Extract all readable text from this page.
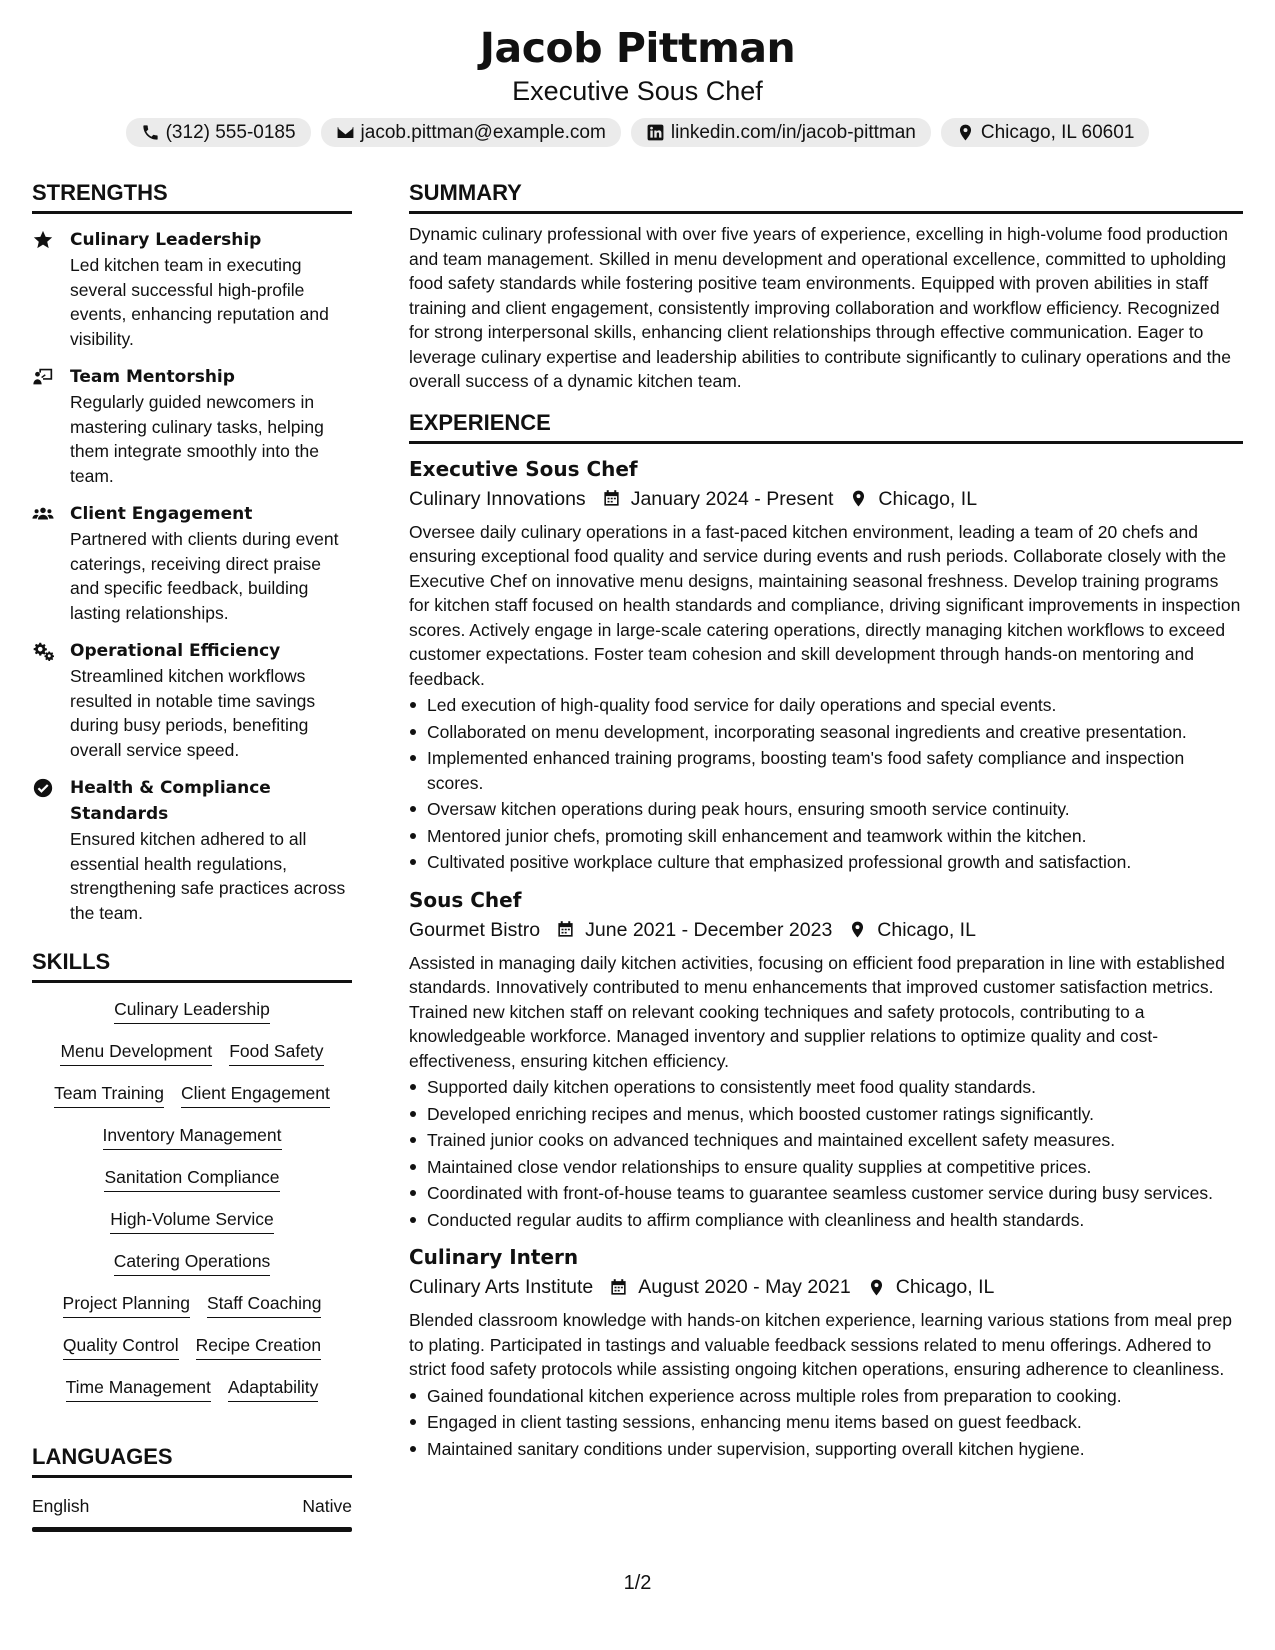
Jacob Pittman
Executive Sous Chef
(312) 555-0185	jacob.pittman@example.com	linkedin.com/in/jacob-pittman	Chicago, IL 60601
STRENGTHS
Culinary Leadership
Led kitchen team in executing several successful high-profile events, enhancing reputation and visibility.
Team Mentorship
Regularly guided newcomers in mastering culinary tasks, helping them integrate smoothly into the team.
Client Engagement
Partnered with clients during event caterings, receiving direct praise and specific feedback, building lasting relationships.
Operational Efficiency
Streamlined kitchen workflows resulted in notable time savings during busy periods, benefiting overall service speed.
Health & Compliance Standards
Ensured kitchen adhered to all essential health regulations, strengthening safe practices across the team.
SKILLS
Culinary Leadership
Menu Development Food Safety
Team Training Client Engagement
Inventory Management
Sanitation Compliance
High-Volume Service
Catering Operations
Project Planning Staff Coaching
Quality Control Recipe Creation
Time Management Adaptability
LANGUAGES
English	Native
SUMMARY
Dynamic culinary professional with over five years of experience, excelling in high-volume food production and team management. Skilled in menu development and operational excellence, committed to upholding food safety standards while fostering positive team environments. Equipped with proven abilities in staff training and client engagement, consistently improving collaboration and workflow efficiency. Recognized for strong interpersonal skills, enhancing client relationships through effective communication. Eager to leverage culinary expertise and leadership abilities to contribute significantly to culinary operations and the overall success of a dynamic kitchen team.
EXPERIENCE
Executive Sous Chef
Culinary Innovations January 2024 - Present Chicago, IL
Oversee daily culinary operations in a fast-paced kitchen environment, leading a team of 20 chefs and ensuring exceptional food quality and service during events and rush periods. Collaborate closely with the Executive Chef on innovative menu designs, maintaining seasonal freshness. Develop training programs for kitchen staff focused on health standards and compliance, driving significant improvements in inspection scores. Actively engage in large-scale catering operations, directly managing kitchen workflows to exceed customer expectations. Foster team cohesion and skill development through hands-on mentoring and feedback.
Led execution of high-quality food service for daily operations and special events.
Collaborated on menu development, incorporating seasonal ingredients and creative presentation.
Implemented enhanced training programs, boosting team's food safety compliance and inspection scores.
Oversaw kitchen operations during peak hours, ensuring smooth service continuity.
Mentored junior chefs, promoting skill enhancement and teamwork within the kitchen.
Cultivated positive workplace culture that emphasized professional growth and satisfaction.
Sous Chef
Gourmet Bistro June 2021 - December 2023 Chicago, IL
Assisted in managing daily kitchen activities, focusing on efficient food preparation in line with established standards. Innovatively contributed to menu enhancements that improved customer satisfaction metrics. Trained new kitchen staff on relevant cooking techniques and safety protocols, contributing to a knowledgeable workforce. Managed inventory and supplier relations to optimize quality and cost-effectiveness, ensuring kitchen efficiency.
Supported daily kitchen operations to consistently meet food quality standards.
Developed enriching recipes and menus, which boosted customer ratings significantly.
Trained junior cooks on advanced techniques and maintained excellent safety measures.
Maintained close vendor relationships to ensure quality supplies at competitive prices.
Coordinated with front-of-house teams to guarantee seamless customer service during busy services.
Conducted regular audits to affirm compliance with cleanliness and health standards.
Culinary Intern
Culinary Arts Institute August 2020 - May 2021 Chicago, IL
Blended classroom knowledge with hands-on kitchen experience, learning various stations from meal prep to plating. Participated in tastings and valuable feedback sessions related to menu offerings. Adhered to strict food safety protocols while assisting ongoing kitchen operations, ensuring adherence to cleanliness.
Gained foundational kitchen experience across multiple roles from preparation to cooking.
Engaged in client tasting sessions, enhancing menu items based on guest feedback.
Maintained sanitary conditions under supervision, supporting overall kitchen hygiene.
1/2
